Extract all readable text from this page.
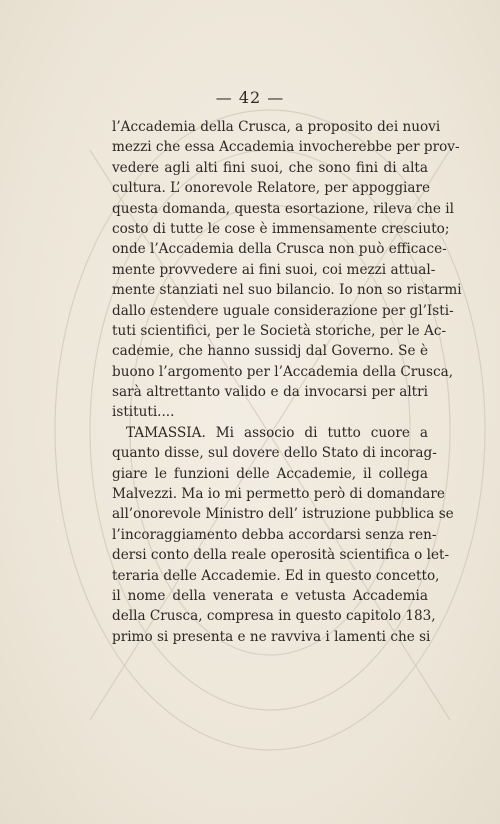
— 42 —
l’Accademia della Crusca, a proposito dei nuovi
mezzi che essa Accademia invocherebbe per prov-
vedere agli alti fini suoi, che sono fini di alta
cultura. L’ onorevole Relatore, per appoggiare
questa domanda, questa esortazione, rileva che il
costo di tutte le cose è immensamente cresciuto;
onde l’Accademia della Crusca non può efficace-
mente provvedere ai fini suoi, coi mezzi attual-
mente stanziati nel suo bilancio. Io non so ristarmi
dallo estendere uguale considerazione per gl’Isti-
tuti scientifici, per le Società storiche, per le Ac-
cademie, che hanno sussidj dal Governo. Se è
buono l’argomento per l’Accademia della Crusca,
sarà altrettanto valido e da invocarsi per altri
istituti....
TAMASSIA. Mi associo di tutto cuore a
quanto disse, sul dovere dello Stato di incorag-
giare le funzioni delle Accademie, il collega
Malvezzi. Ma io mi permetto però di domandare
all’onorevole Ministro dell’ istruzione pubblica se
l’incoraggiamento debba accordarsi senza ren-
dersi conto della reale operosità scientifica o let-
teraria delle Accademie. Ed in questo concetto,
il nome della venerata e vetusta Accademia
della Crusca, compresa in questo capitolo 183,
primo si presenta e ne ravviva i lamenti che si
